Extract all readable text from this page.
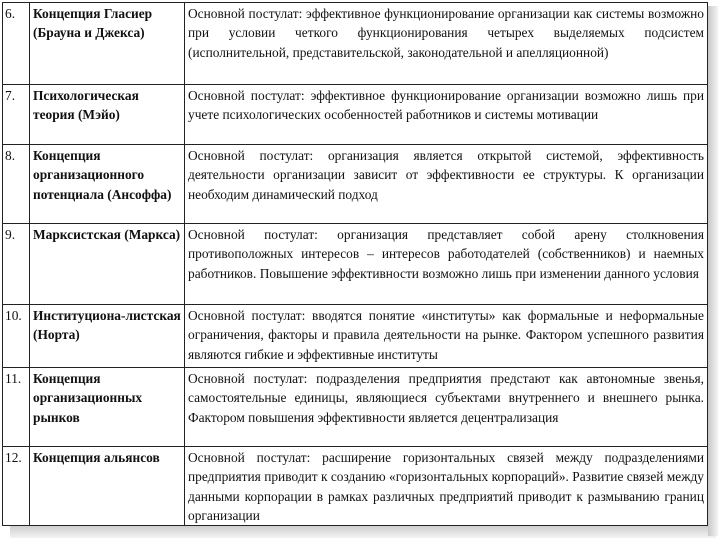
6.	Концепция Гласиер (Брауна и Джекса)	Основной постулат: эффективное функционирование организации как системы возможно при условии четкого функционирования четырех выделяемых подсистем (исполнительной, представительской, законодательной и апелляционной)
7.	Психологическая теория (Мэйо)	Основной постулат: эффективное функционирование организации возможно лишь при учете психологических особенностей работников и системы мотивации
8.	Концепция организационного потенциала (Ансоффа)	Основной постулат: организация является открытой системой, эффективность деятельности организации зависит от эффективности ее структуры. К организации необходим динамический подход
9.	Марксистская (Маркса)	Основной постулат: организация представляет собой арену столкновения противоположных интересов – интересов работодателей (собственников) и наемных работников. Повышение эффективности возможно лишь при изменении данного условия
10.	Институциона-листская (Норта)	Основной постулат: вводятся понятие «институты» как формальные и неформальные ограничения, факторы и правила деятельности на рынке. Фактором успешного развития являются гибкие и эффективные институты
11.	Концепция организационных рынков	Основной постулат: подразделения предприятия предстают как автономные звенья, самостоятельные единицы, являющиеся субъектами внутреннего и внешнего рынка. Фактором повышения эффективности является децентрализация
12.	Концепция альянсов	Основной постулат: расширение горизонтальных связей между подразделениями предприятия приводит к созданию «горизонтальных корпораций». Развитие связей между данными корпорации в рамках различных предприятий приводит к размыванию границ организации
